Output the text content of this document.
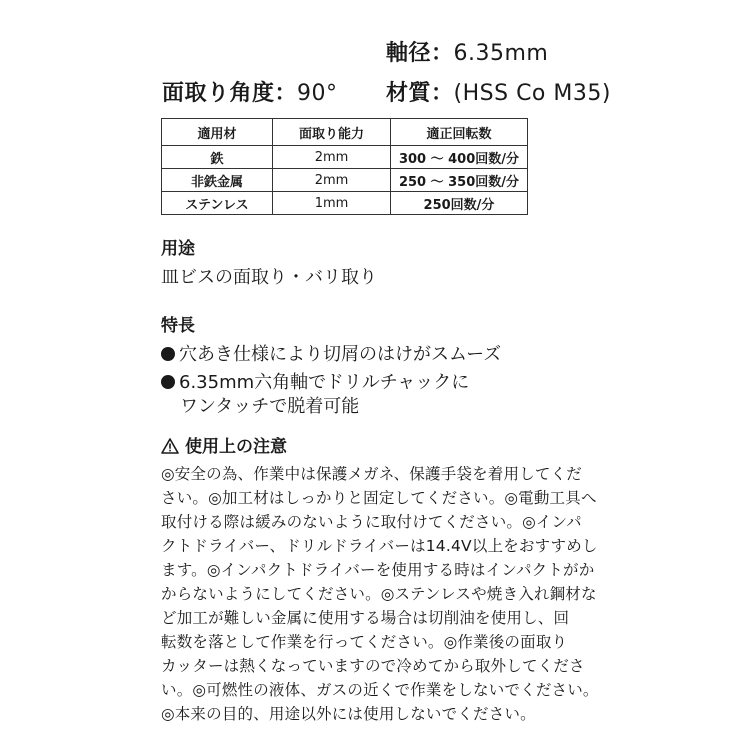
軸径：6.35mm
面取り角度：90° 材質：(HSS Co M35)
適用材	面取り能力	適正回転数
鉄	2mm	300 〜 400回数/分
非鉄金属	2mm	250 〜 350回数/分
ステンレス	1mm	250回数/分
用途
皿ビスの面取り・バリ取り
特長
穴あき仕様により切屑のはけがスムーズ
6.35mm六角軸でドリルチャックに
ワンタッチで脱着可能
使用上の注意
◎安全の為、作業中は保護メガネ、保護手袋を着用してくだ
さい。◎加工材はしっかりと固定してください。◎電動工具へ
取付ける際は緩みのないように取付けてください。◎インパ
クトドライバー、ドリルドライバーは14.4V以上をおすすめし
ます。◎インパクトドライバーを使用する時はインパクトがか
からないようにしてください。◎ステンレスや焼き入れ鋼材な
ど加工が難しい金属に使用する場合は切削油を使用し、回
転数を落として作業を行ってください。◎作業後の面取り
カッターは熱くなっていますので冷めてから取外してくださ
い。◎可燃性の液体、ガスの近くで作業をしないでください。
◎本来の目的、用途以外には使用しないでください。
